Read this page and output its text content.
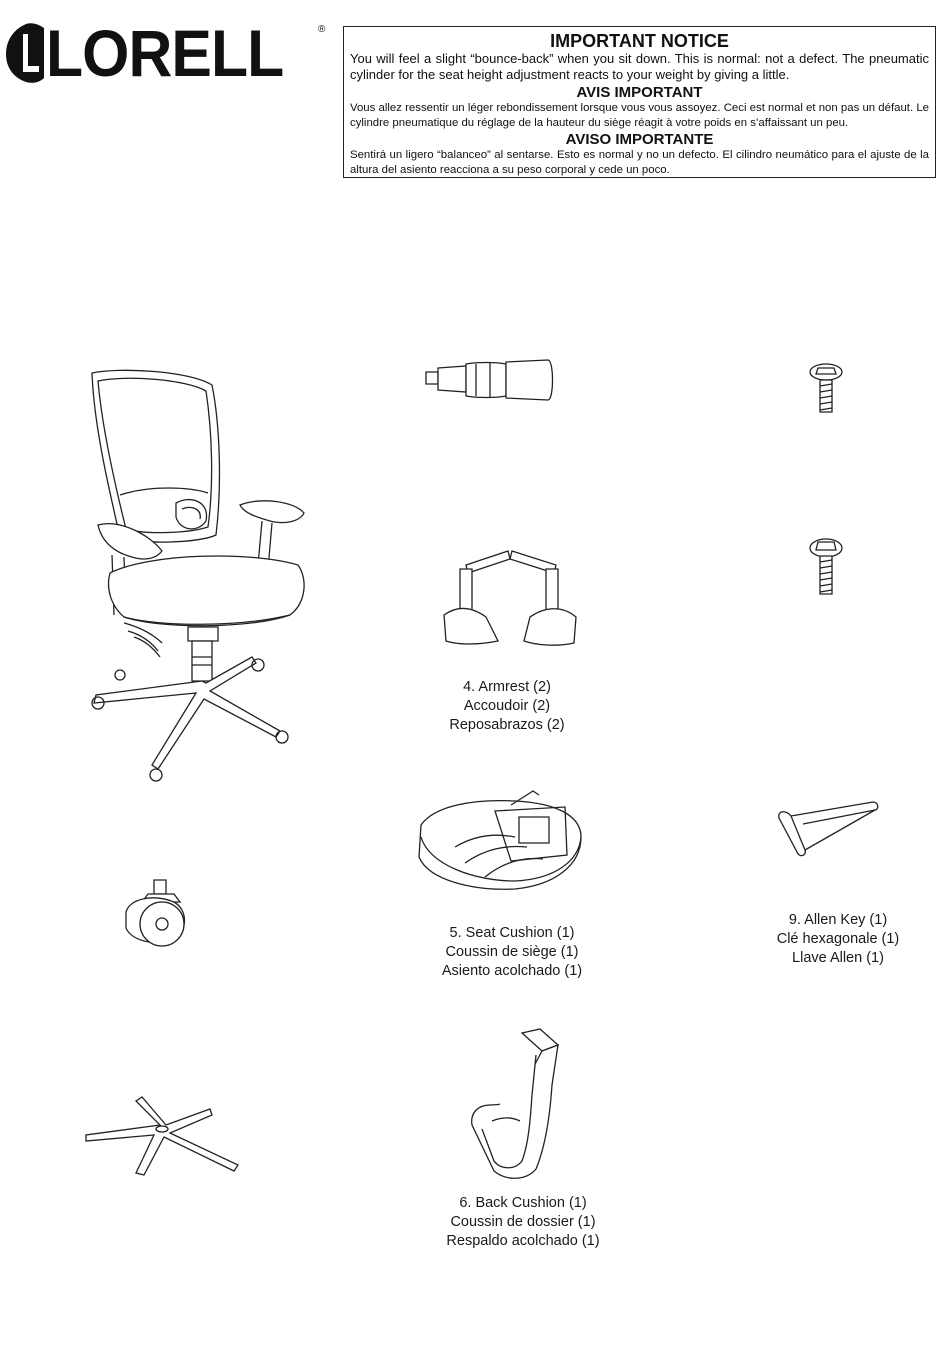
LORELL	®
IMPORTANT NOTICE

You will feel a slight “bounce-back” when you sit down. This is normal: not a defect. The pneumatic cylinder for the seat height adjustment reacts to your weight by giving a little.

AVIS IMPORTANT

Vous allez ressentir un léger rebondissement lorsque vous vous assoyez. Ceci est normal et non pas un défaut. Le cylindre pneumatique du réglage de la hauteur du siège réagit à votre poids en s’affaissant un peu.

AVISO IMPORTANTE

Sentirá un ligero “balanceo” al sentarse. Esto es normal y no un defecto. El cilindro neumático para el ajuste de la altura del asiento reacciona a su peso corporal y cede un poco.

4. Armrest (2)
Accoudoir (2)
Reposabrazos (2)
5. Seat Cushion (1)
Coussin de siège (1)
Asiento acolchado (1)
9. Allen Key (1)
Clé hexagonale (1)
Llave Allen (1)
6. Back Cushion (1)
Coussin de dossier (1)
Respaldo acolchado (1)
